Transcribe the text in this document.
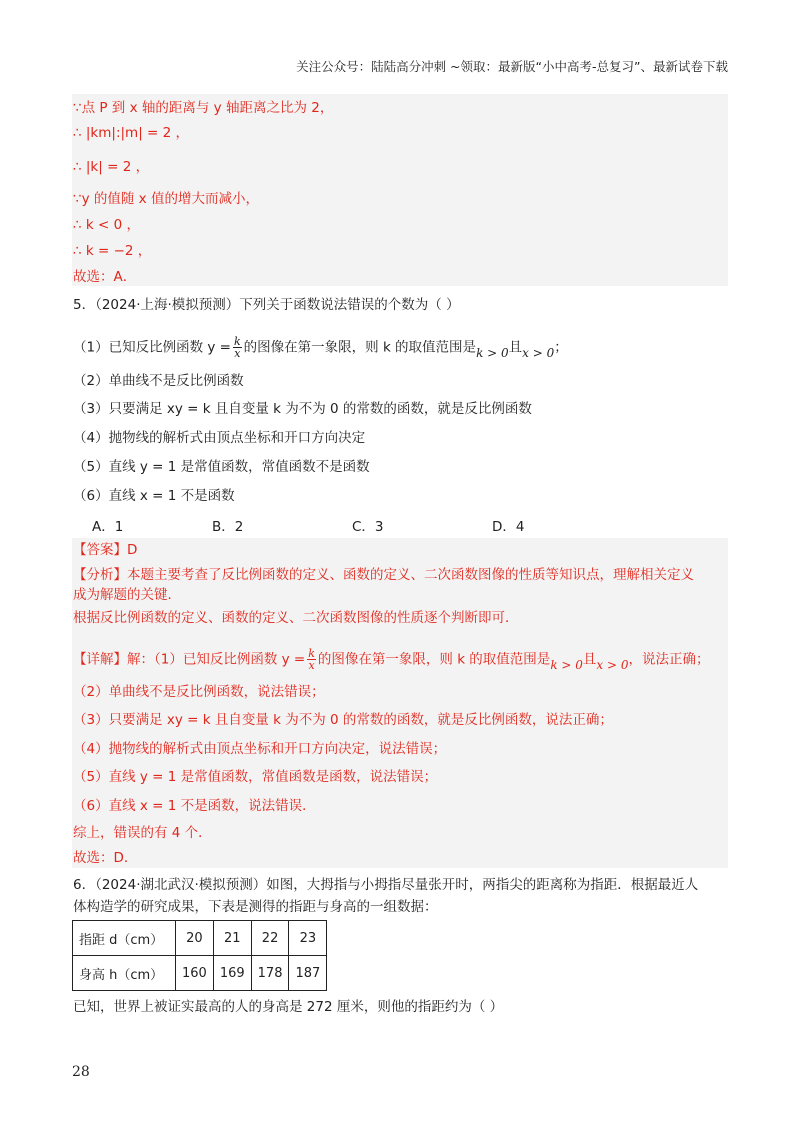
关注公众号：陆陆高分冲刺 ~领取：最新版“小中高考-总复习”、最新试卷下载
∵点 P 到 x 轴的距离与 y 轴距离之比为 2，
∴ |km|:|m| = 2 ，
∴ |k| = 2 ，
∵y 的值随 x 值的增大而减小，
∴ k < 0 ，
∴ k = −2 ，
故选：A．
5．（2024·上海·模拟预测）下列关于函数说法错误的个数为（ ）
（1）已知反比例函数 $y = \frac{k}{x}$ 的图像在第一象限，则 k 的取值范围是k > 0且x > 0；
（2）单曲线不是反比例函数
（3）只要满足 xy = k 且自变量 k 为不为 0 的常数的函数，就是反比例函数
（4）抛物线的解析式由顶点坐标和开口方向决定
（5）直线 y = 1 是常值函数，常值函数不是函数
（6）直线 x = 1 不是函数
A．1	B．2	C．3	D．4
【答案】D
【分析】本题主要考查了反比例函数的定义、函数的定义、二次函数图像的性质等知识点，理解相关定义
成为解题的关键．
根据反比例函数的定义、函数的定义、二次函数图像的性质逐个判断即可．
【详解】解：（1）已知反比例函数 $y = \frac{k}{x}$ 的图像在第一象限，则 k 的取值范围是k > 0且x > 0，说法正确；
（2）单曲线不是反比例函数，说法错误；
（3）只要满足 xy = k 且自变量 k 为不为 0 的常数的函数，就是反比例函数，说法正确；
（4）抛物线的解析式由顶点坐标和开口方向决定，说法错误；
（5）直线 y = 1 是常值函数，常值函数是函数，说法错误；
（6）直线 x = 1 不是函数，说法错误．
综上，错误的有 4 个．
故选：D．
6．（2024·湖北武汉·模拟预测）如图，大拇指与小拇指尽量张开时，两指尖的距离称为指距．根据最近人
体构造学的研究成果，下表是测得的指距与身高的一组数据：
指距 d（cm）	20	21	22	23
身高 h（cm）	160	169	178	187
已知，世界上被证实最高的人的身高是 272 厘米，则他的指距约为（ ）
28
